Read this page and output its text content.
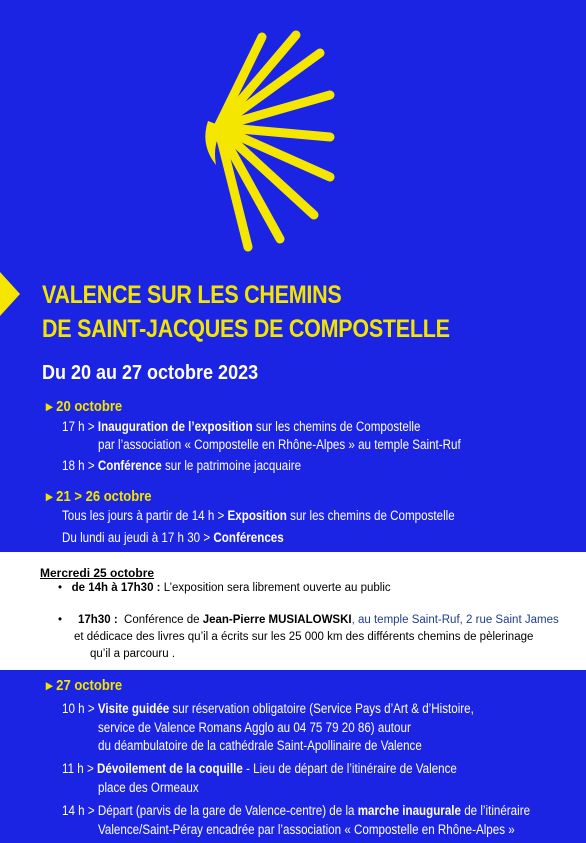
VALENCE SUR LES CHEMINS
DE SAINT-JACQUES DE COMPOSTELLE
Du 20 au 27 octobre 2023
▸ 20 octobre
17 h > Inauguration de l’exposition sur les chemins de Compostelle
par l’association « Compostelle en Rhône-Alpes » au temple Saint-Ruf
18 h > Conférence sur le patrimoine jacquaire
▸ 21 > 26 octobre
Tous les jours à partir de 14 h > Exposition sur les chemins de Compostelle
Du lundi au jeudi à 17 h 30 > Conférences
Mercredi 25 octobre
• de 14h à 17h30 : L’exposition sera librement ouverte au public
• 17h30 : Conférence de Jean-Pierre MUSIALOWSKI, au temple Saint-Ruf, 2 rue Saint James
et dédicace des livres qu’il a écrits sur les 25 000 km des différents chemins de pèlerinage
qu’il a parcouru .
▸ 27 octobre
10 h > Visite guidée sur réservation obligatoire (Service Pays d’Art & d’Histoire,
service de Valence Romans Agglo au 04 75 79 20 86) autour
du déambulatoire de la cathédrale Saint-Apollinaire de Valence
11 h > Dévoilement de la coquille - Lieu de départ de l’itinéraire de Valence
place des Ormeaux
14 h > Départ (parvis de la gare de Valence-centre) de la marche inaugurale de l’itinéraire
Valence/Saint-Péray encadrée par l’association « Compostelle en Rhône-Alpes »
